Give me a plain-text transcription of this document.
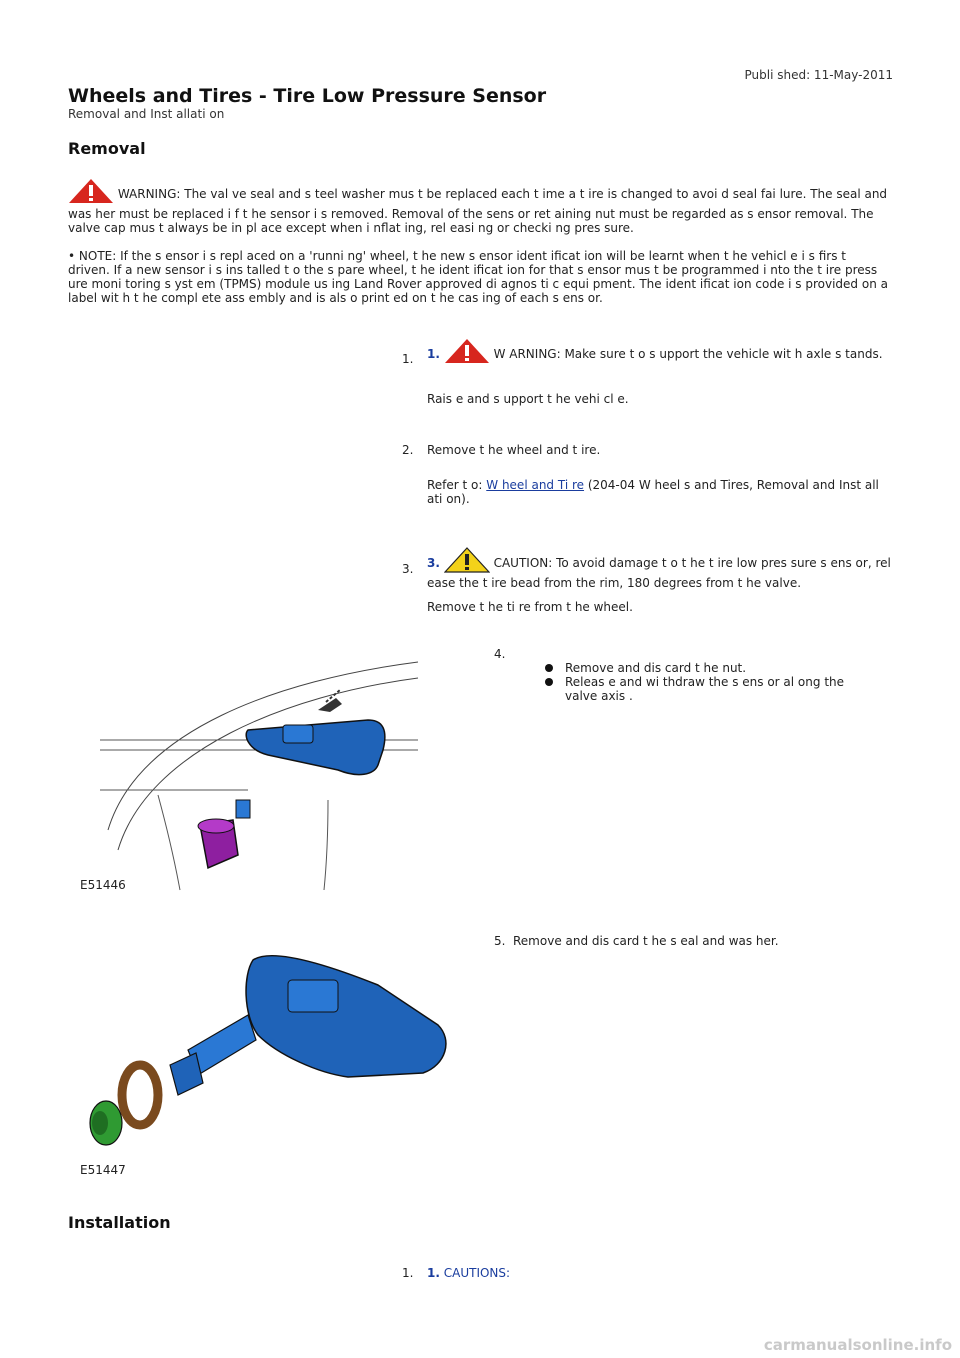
Publi shed: 11-May-2011
Wheels and Tires - Tire Low Pressure Sensor
Removal and Inst allati on
Removal
WARNING: The val ve seal and s teel washer mus t be replaced each t ime a t ire is changed to avoi d seal fai lure. The seal and was her must be replaced i f t he sensor i s removed. Removal of the sens or ret aining nut must be regarded as s ensor removal. The valve cap mus t always be in pl ace except when i nflat ing, rel easi ng or checki ng pres sure.
• NOTE: If the s ensor i s repl aced on a 'runni ng' wheel, t he new s ensor ident ificat ion will be learnt when t he vehicl e i s firs t driven. If a new sensor i s ins talled t o the s pare wheel, t he ident ificat ion for that s ensor mus t be programmed i nto the t ire press ure moni toring s yst em (TPMS) module us ing Land Rover approved di agnos ti c equi pment. The ident ificat ion code i s provided on a label wit h t he compl ete ass embly and is als o print ed on t he cas ing of each s ens or.
1. 1.	W ARNING: Make sure t o s upport the vehicle wit h axle s tands.
Rais e and s upport t he vehi cl e.
2. Remove t he wheel and t ire.
Refer t o: W heel and Ti re (204-04 W heel s and Tires, Removal and Inst all ati on).
3. 3.	CAUTION: To avoid damage t o t he t ire low pres sure s ens or, rel ease the t ire bead from the rim, 180 degrees from t he valve.
Remove t he ti re from t he wheel.
4.
Remove and dis card t he nut.
Releas e and wi thdraw the s ens or al ong the valve axis .
E51446
5. Remove and dis card t he s eal and was her.
E51447
Installation
1. 1. CAUTIONS:
carmanualsonline.info
